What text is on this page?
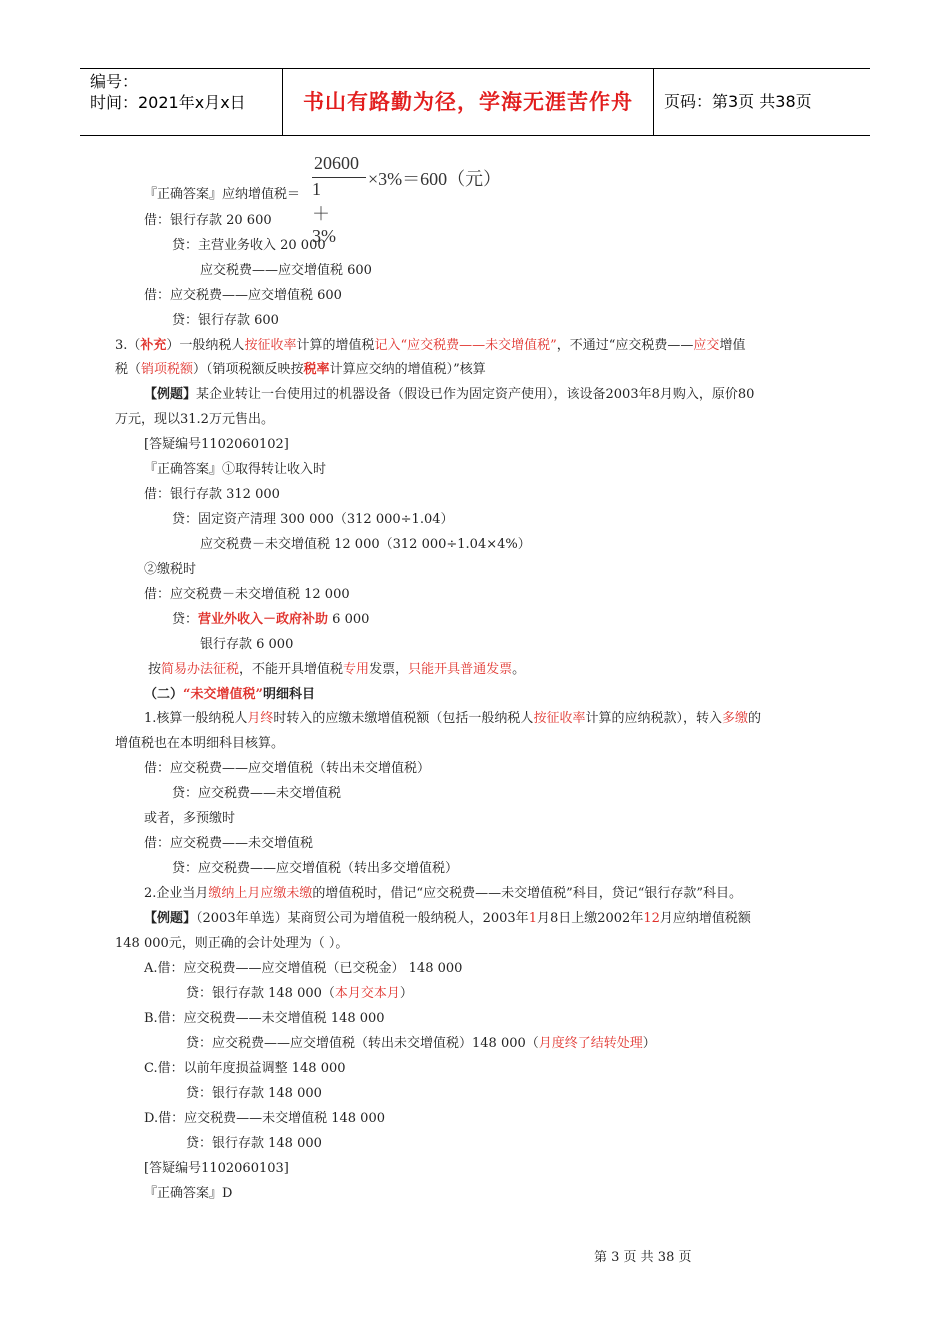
编号：
时间：2021年x月x日	书山有路勤为径，学海无涯苦作舟	页码：第3页 共38页
20600
1＋3%
×3%＝600（元）
『正确答案』应纳增值税＝
借：银行存款 20 600
贷：主营业务收入 20 000
应交税费——应交增值税 600
借：应交税费——应交增值税 600
贷：银行存款 600
3.（补充）一般纳税人按征收率计算的增值税记入“应交税费——未交增值税”，不通过“应交税费——应交增值
税（销项税额）（销项税额反映按税率计算应交纳的增值税）”核算
【例题】某企业转让一台使用过的机器设备（假设已作为固定资产使用），该设备2003年8月购入，原价80
万元，现以31.2万元售出。
[答疑编号1102060102]
『正确答案』①取得转让收入时
借：银行存款 312 000
贷：固定资产清理 300 000（312 000÷1.04）
应交税费－未交增值税 12 000（312 000÷1.04×4%）
②缴税时
借：应交税费－未交增值税 12 000
贷：营业外收入－政府补助 6 000
银行存款 6 000
按简易办法征税，不能开具增值税专用发票，只能开具普通发票。
（二）“未交增值税”明细科目
1.核算一般纳税人月终时转入的应缴未缴增值税额（包括一般纳税人按征收率计算的应纳税款），转入多缴的
增值税也在本明细科目核算。
借：应交税费——应交增值税（转出未交增值税）
贷：应交税费——未交增值税
或者，多预缴时
借：应交税费——未交增值税
贷：应交税费——应交增值税（转出多交增值税）
2.企业当月缴纳上月应缴未缴的增值税时，借记“应交税费——未交增值税”科目，贷记“银行存款”科目。
【例题】（2003年单选）某商贸公司为增值税一般纳税人，2003年1月8日上缴2002年12月应纳增值税额
148 000元，则正确的会计处理为（ ）。
A.借：应交税费——应交增值税（已交税金） 148 000
贷：银行存款 148 000（本月交本月）
B.借：应交税费——未交增值税 148 000
贷：应交税费——应交增值税（转出未交增值税）148 000（月度终了结转处理）
C.借：以前年度损益调整 148 000
贷：银行存款 148 000
D.借：应交税费——未交增值税 148 000
贷：银行存款 148 000
[答疑编号1102060103]
『正确答案』D
第 3 页 共 38 页
